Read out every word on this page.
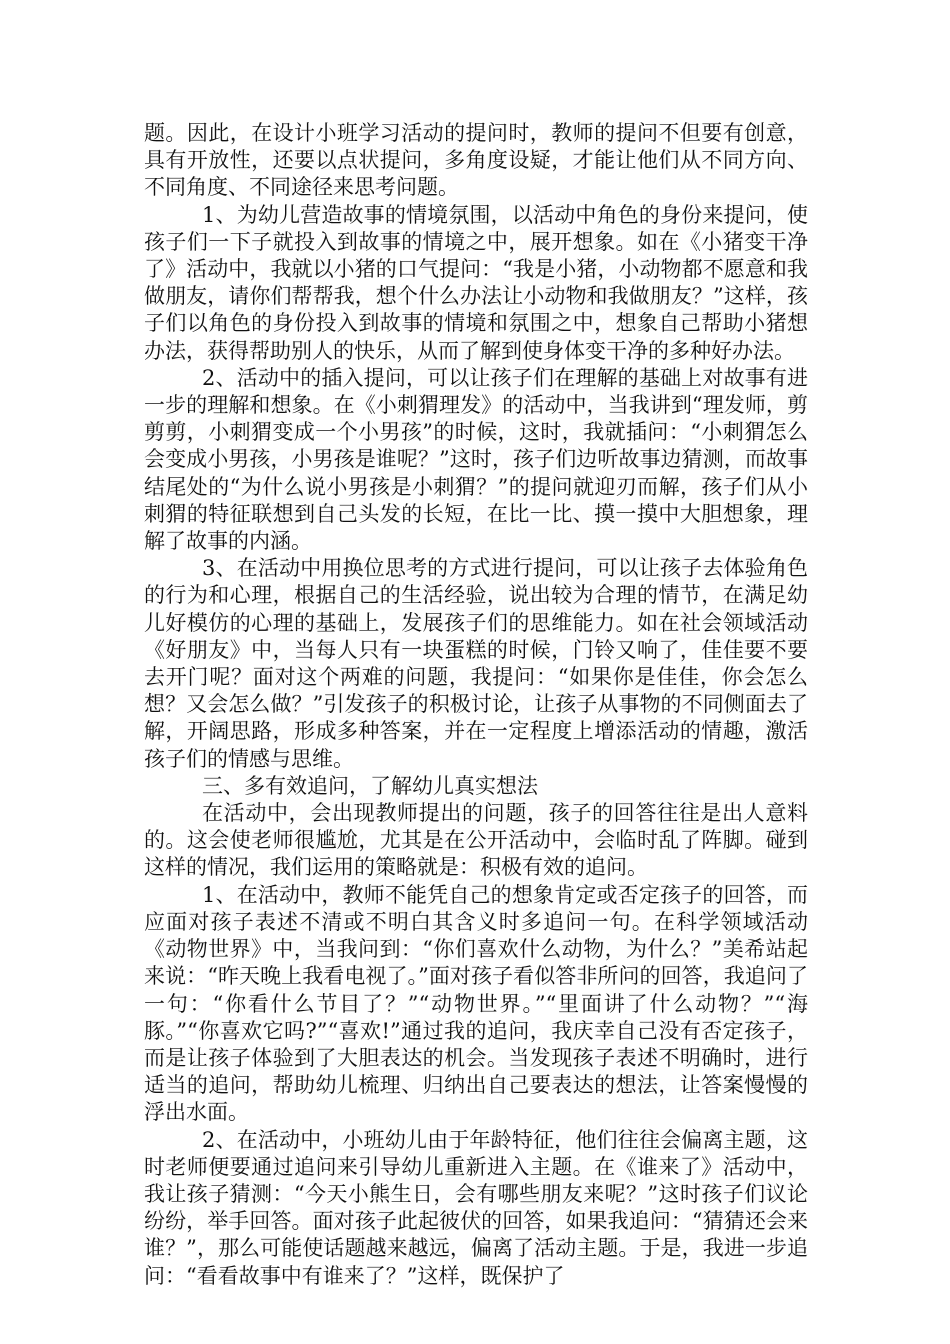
题。因此，在设计小班学习活动的提问时，教师的提问不但要有创意，具有开放性，还要以点状提问，多角度设疑，才能让他们从不同方向、不同角度、不同途径来思考问题。

1、为幼儿营造故事的情境氛围，以活动中角色的身份来提问，使孩子们一下子就投入到故事的情境之中，展开想象。如在《小猪变干净了》活动中，我就以小猪的口气提问：“我是小猪，小动物都不愿意和我做朋友，请你们帮帮我，想个什么办法让小动物和我做朋友？”这样，孩子们以角色的身份投入到故事的情境和氛围之中，想象自己帮助小猪想办法，获得帮助别人的快乐，从而了解到使身体变干净的多种好办法。

2、活动中的插入提问，可以让孩子们在理解的基础上对故事有进一步的理解和想象。在《小刺猬理发》的活动中，当我讲到“理发师，剪剪剪，小刺猬变成一个小男孩”的时候，这时，我就插问：“小刺猬怎么会变成小男孩，小男孩是谁呢？”这时，孩子们边听故事边猜测，而故事结尾处的“为什么说小男孩是小刺猬？”的提问就迎刃而解，孩子们从小刺猬的特征联想到自己头发的长短，在比一比、摸一摸中大胆想象，理解了故事的内涵。

3、在活动中用换位思考的方式进行提问，可以让孩子去体验角色的行为和心理，根据自己的生活经验，说出较为合理的情节，在满足幼儿好模仿的心理的基础上，发展孩子们的思维能力。如在社会领域活动《好朋友》中，当每人只有一块蛋糕的时候，门铃又响了，佳佳要不要去开门呢？面对这个两难的问题，我提问：“如果你是佳佳，你会怎么想？又会怎么做？”引发孩子的积极讨论，让孩子从事物的不同侧面去了解，开阔思路，形成多种答案，并在一定程度上增添活动的情趣，激活孩子们的情感与思维。

三、多有效追问，了解幼儿真实想法

在活动中，会出现教师提出的问题，孩子的回答往往是出人意料的。这会使老师很尴尬，尤其是在公开活动中，会临时乱了阵脚。碰到这样的情况，我们运用的策略就是：积极有效的追问。

1、在活动中，教师不能凭自己的想象肯定或否定孩子的回答，而应面对孩子表述不清或不明白其含义时多追问一句。在科学领域活动《动物世界》中，当我问到：“你们喜欢什么动物，为什么？”美希站起来说：“昨天晚上我看电视了。”面对孩子看似答非所问的回答，我追问了一句：“你看什么节目了？”“动物世界。”“里面讲了什么动物？”“海豚。”“你喜欢它吗?”“喜欢!”通过我的追问，我庆幸自己没有否定孩子，而是让孩子体验到了大胆表达的机会。当发现孩子表述不明确时，进行适当的追问，帮助幼儿梳理、归纳出自己要表达的想法，让答案慢慢的浮出水面。

2、在活动中，小班幼儿由于年龄特征，他们往往会偏离主题，这时老师便要通过追问来引导幼儿重新进入主题。在《谁来了》活动中，我让孩子猜测：“今天小熊生日，会有哪些朋友来呢？”这时孩子们议论纷纷，举手回答。面对孩子此起彼伏的回答，如果我追问：“猜猜还会来谁？”，那么可能使话题越来越远，偏离了活动主题。于是，我进一步追问：“看看故事中有谁来了？”这样，既保护了
